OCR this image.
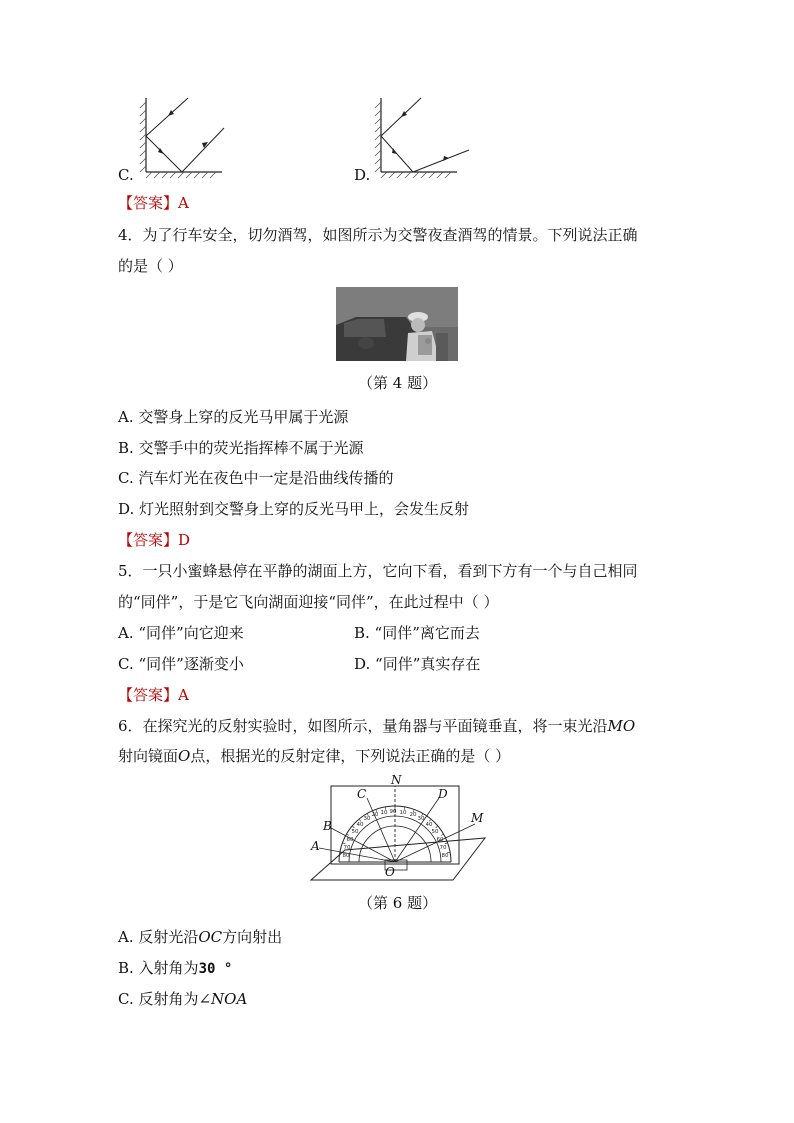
C.	D.
【答案】A
4．为了行车安全，切勿酒驾，如图所示为交警夜查酒驾的情景。下列说法正确
的是（ ）
（第 4 题）
A. 交警身上穿的反光马甲属于光源
B. 交警手中的荧光指挥棒不属于光源
C. 汽车灯光在夜色中一定是沿曲线传播的
D. 灯光照射到交警身上穿的反光马甲上，会发生反射
【答案】D
5．一只小蜜蜂悬停在平静的湖面上方，它向下看，看到下方有一个与自己相同
的“同伴”，于是它飞向湖面迎接“同伴”，在此过程中（ ）
A. “同伴”向它迎来	B. “同伴”离它而去
C. “同伴”逐渐变小	D. “同伴”真实存在
【答案】A
6．在探究光的反射实验时，如图所示，量角器与平面镜垂直，将一束光沿MO
射向镜面O点，根据光的反射定律，下列说法正确的是（ ）
90
10 10
20	20
30	30
40	40
50	50
60	60
70	70
80	80
N
C	D
B
A
M
O
（第 6 题）
A. 反射光沿OC方向射出
B. 入射角为30 °
C. 反射角为∠NOA
